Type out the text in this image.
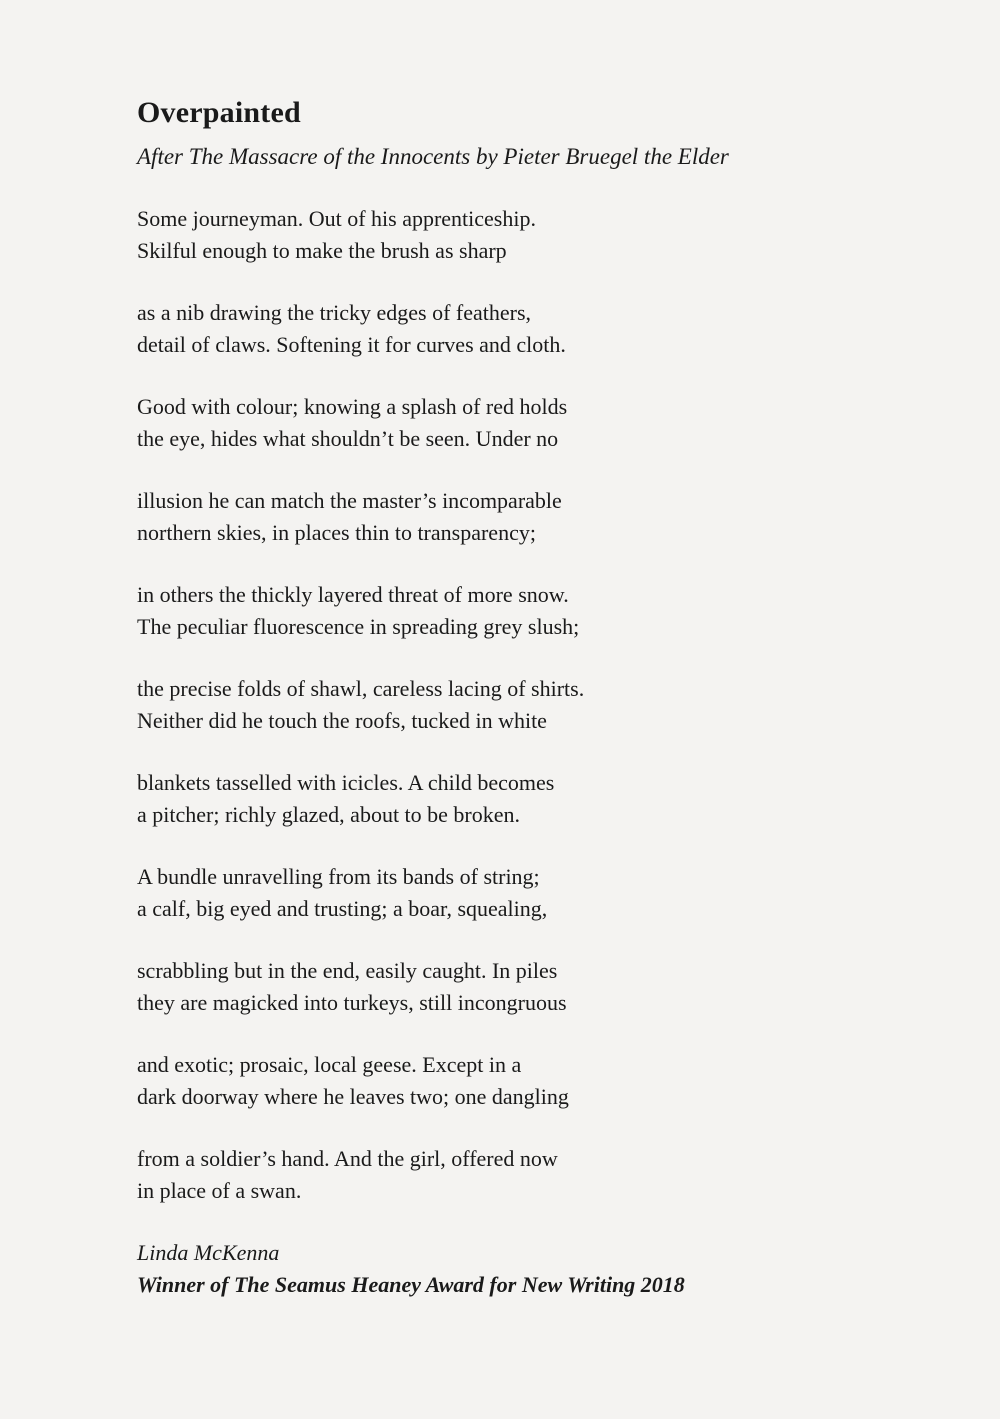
Overpainted

After The Massacre of the Innocents by Pieter Bruegel the Elder

Some journeyman. Out of his apprenticeship.
Skilful enough to make the brush as sharp

as a nib drawing the tricky edges of feathers,
detail of claws. Softening it for curves and cloth.

Good with colour; knowing a splash of red holds
the eye, hides what shouldn’t be seen. Under no

illusion he can match the master’s incomparable
northern skies, in places thin to transparency;

in others the thickly layered threat of more snow.
The peculiar fluorescence in spreading grey slush;

the precise folds of shawl, careless lacing of shirts.
Neither did he touch the roofs, tucked in white

blankets tasselled with icicles. A child becomes
a pitcher; richly glazed, about to be broken.

A bundle unravelling from its bands of string;
a calf, big eyed and trusting; a boar, squealing,

scrabbling but in the end, easily caught. In piles
they are magicked into turkeys, still incongruous

and exotic; prosaic, local geese. Except in a
dark doorway where he leaves two; one dangling

from a soldier’s hand. And the girl, offered now
in place of a swan.

Linda McKenna

Winner of The Seamus Heaney Award for New Writing 2018
